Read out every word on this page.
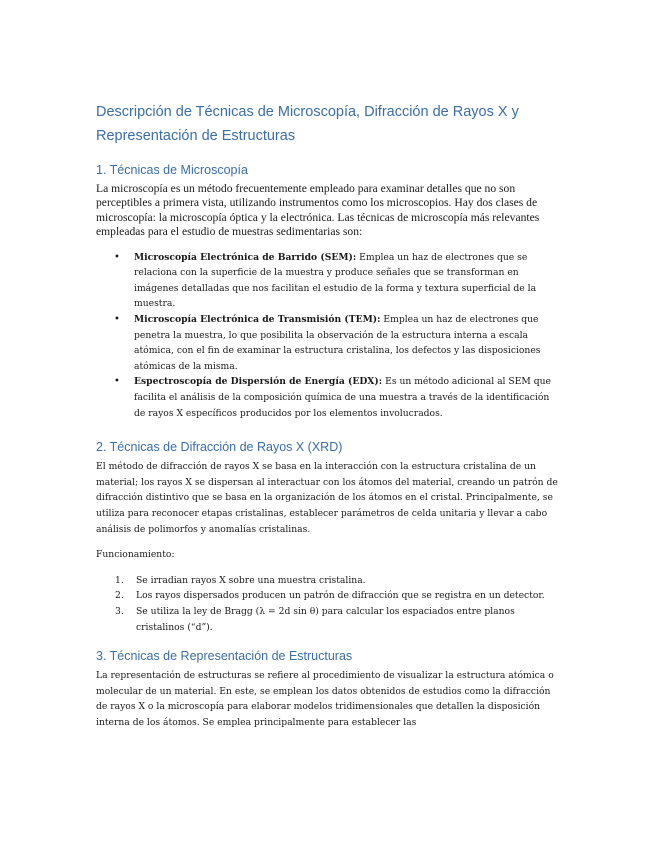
Descripción de Técnicas de Microscopía, Difracción de Rayos X y Representación de Estructuras
1. Técnicas de Microscopía

La microscopía es un método frecuentemente empleado para examinar detalles que no son perceptibles a primera vista, utilizando instrumentos como los microscopios. Hay dos clases de microscopía: la microscopía óptica y la electrónica. Las técnicas de microscopía más relevantes empleadas para el estudio de muestras sedimentarias son:

• Microscopía Electrónica de Barrido (SEM): Emplea un haz de electrones que se relaciona con la superficie de la muestra y produce señales que se transforman en imágenes detalladas que nos facilitan el estudio de la forma y textura superficial de la muestra.
• Microscopía Electrónica de Transmisión (TEM): Emplea un haz de electrones que penetra la muestra, lo que posibilita la observación de la estructura interna a escala atómica, con el fin de examinar la estructura cristalina, los defectos y las disposiciones atómicas de la misma.
• Espectroscopía de Dispersión de Energía (EDX): Es un método adicional al SEM que facilita el análisis de la composición química de una muestra a través de la identificación de rayos X específicos producidos por los elementos involucrados.
2. Técnicas de Difracción de Rayos X (XRD)

El método de difracción de rayos X se basa en la interacción con la estructura cristalina de un material; los rayos X se dispersan al interactuar con los átomos del material, creando un patrón de difracción distintivo que se basa en la organización de los átomos en el cristal. Principalmente, se utiliza para reconocer etapas cristalinas, establecer parámetros de celda unitaria y llevar a cabo análisis de polimorfos y anomalías cristalinas.

Funcionamiento:

1. Se irradian rayos X sobre una muestra cristalina.
2. Los rayos dispersados producen un patrón de difracción que se registra en un detector.
3. Se utiliza la ley de Bragg (λ = 2d sin θ) para calcular los espaciados entre planos cristalinos (“d”).
3. Técnicas de Representación de Estructuras

La representación de estructuras se refiere al procedimiento de visualizar la estructura atómica o molecular de un material. En este, se emplean los datos obtenidos de estudios como la difracción de rayos X o la microscopía para elaborar modelos tridimensionales que detallen la disposición interna de los átomos. Se emplea principalmente para establecer las
